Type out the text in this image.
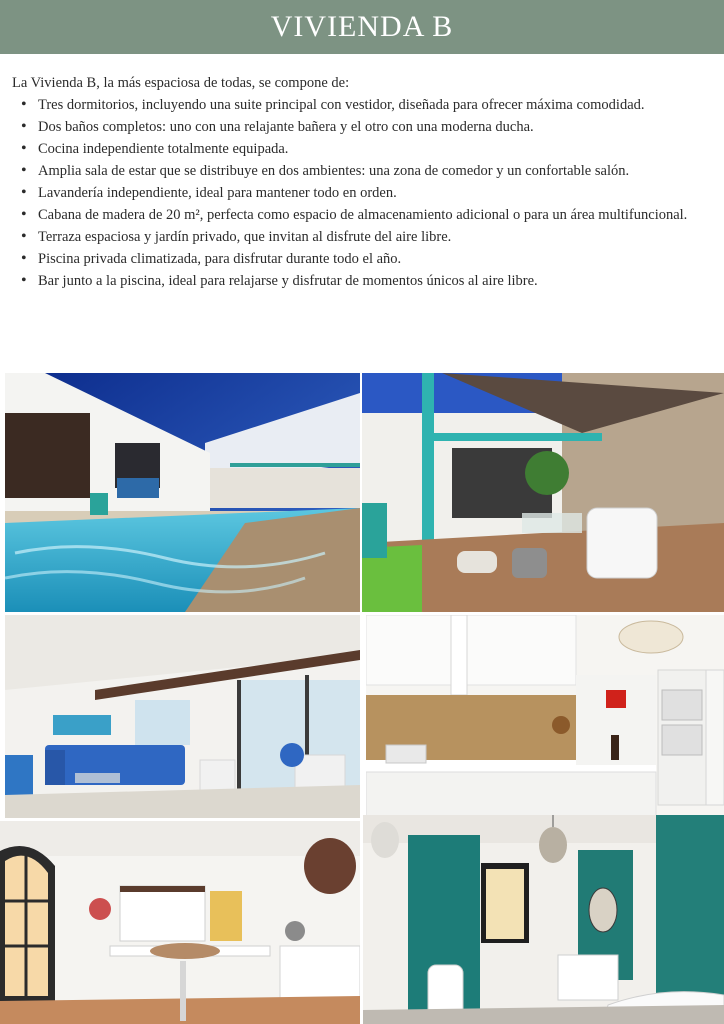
VIVIENDA B

La Vivienda B, la más espaciosa de todas, se compone de:

• Tres dormitorios, incluyendo una suite principal con vestidor, diseñada para ofrecer máxima comodidad.
• Dos baños completos: uno con una relajante bañera y el otro con una moderna ducha.
• Cocina independiente totalmente equipada.
• Amplia sala de estar que se distribuye en dos ambientes: una zona de comedor y un confortable salón.
• Lavandería independiente, ideal para mantener todo en orden.
• Cabana de madera de 20 m², perfecta como espacio de almacenamiento adicional o para un área multifuncional.
• Terraza espaciosa y jardín privado, que invitan al disfrute del aire libre.
• Piscina privada climatizada, para disfrutar durante todo el año.
• Bar junto a la piscina, ideal para relajarse y disfrutar de momentos únicos al aire libre.
